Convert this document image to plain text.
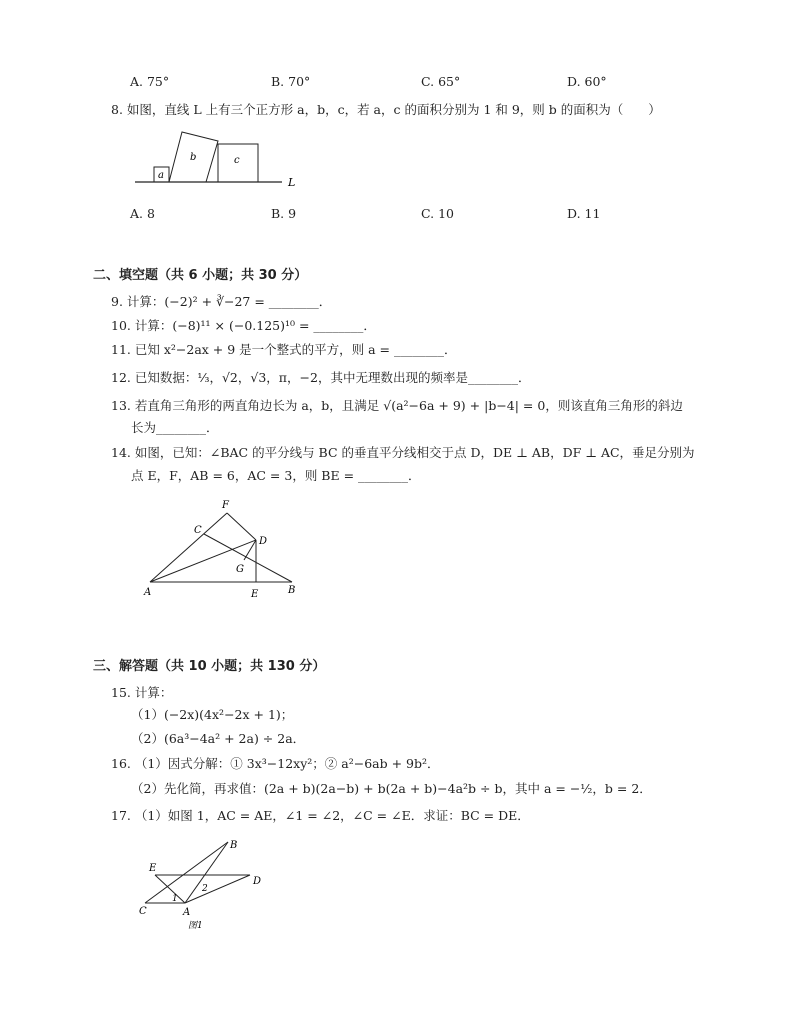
A. 75°	B. 70°	C. 65°	D. 60°
8. 如图，直线 L 上有三个正方形 a，b，c，若 a，c 的面积分别为 1 和 9，则 b 的面积为（　　）
a
b	c
L
A. 8	B. 9	C. 10	D. 11
二、填空题（共 6 小题；共 30 分）
9. 计算：(−2)² + ∛−27 = ________．
10. 计算：(−8)¹¹ × (−0.125)¹⁰ = ________．
11. 已知 x²−2ax + 9 是一个整式的平方，则 a = ________．
12. 已知数据：⅓，√2，√3，π，−2，其中无理数出现的频率是________．
13. 若直角三角形的两直角边长为 a，b，且满足 √(a²−6a + 9) + |b−4| = 0，则该直角三角形的斜边
长为________．
14. 如图，已知：∠BAC 的平分线与 BC 的垂直平分线相交于点 D，DE ⊥ AB，DF ⊥ AC，垂足分别为
点 E，F，AB = 6，AC = 3，则 BE = ________．
F
C
D
G
A	E	B
三、解答题（共 10 小题；共 130 分）
15. 计算：
（1）(−2x)(4x²−2x + 1)；
（2）(6a³−4a² + 2a) ÷ 2a．
16. （1）因式分解：① 3x³−12xy²；② a²−6ab + 9b²．
（2）先化简，再求值：(2a + b)(2a−b) + b(2a + b)−4a²b ÷ b，其中 a = −½，b = 2．
17. （1）如图 1，AC = AE，∠1 = ∠2，∠C = ∠E．求证：BC = DE．
B
E
D
C	A
1
2
图1
